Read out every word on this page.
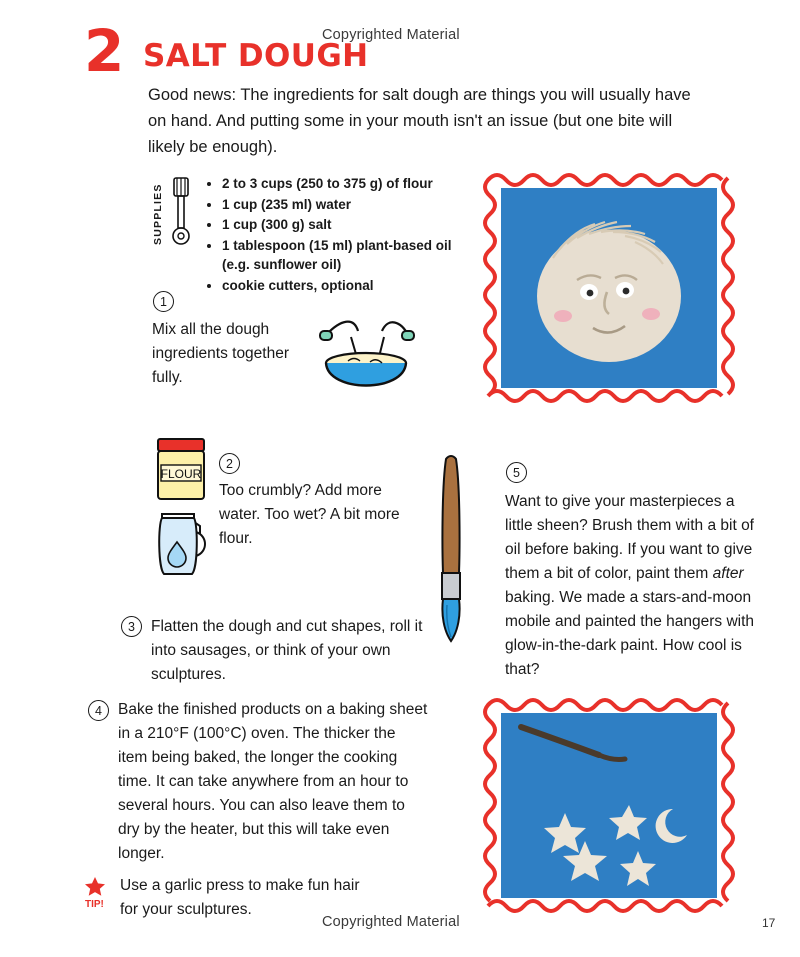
Copyrighted Material
2 SALT DOUGH
Good news: The ingredients for salt dough are things you will usually have on hand. And putting some in your mouth isn't an issue (but one bite will likely be enough).
SUPPLIES	• 2 to 3 cups (250 to 375 g) of flour
• 1 cup (235 ml) water
• 1 cup (300 g) salt
• 1 tablespoon (15 ml) plant-based oil (e.g. sunflower oil)
• cookie cutters, optional
1
Mix all the dough ingredients together fully.
2
Too crumbly? Add more water. Too wet? A bit more flour.
3	Flatten the dough and cut shapes, roll it into sausages, or think of your own sculptures.
4	Bake the finished products on a baking sheet in a 210°F (100°C) oven. The thicker the item being baked, the longer the cooking time. It can take anywhere from an hour to several hours. You can also leave them to dry by the heater, but this will take even longer.
5
Want to give your masterpieces a little sheen? Brush them with a bit of oil before baking. If you want to give them a bit of color, paint them after baking. We made a stars-and-moon mobile and painted the hangers with glow-in-the-dark paint. How cool is that?
FLOUR
TIP!
Use a garlic press to make fun hair for your sculptures.
Copyrighted Material	17
